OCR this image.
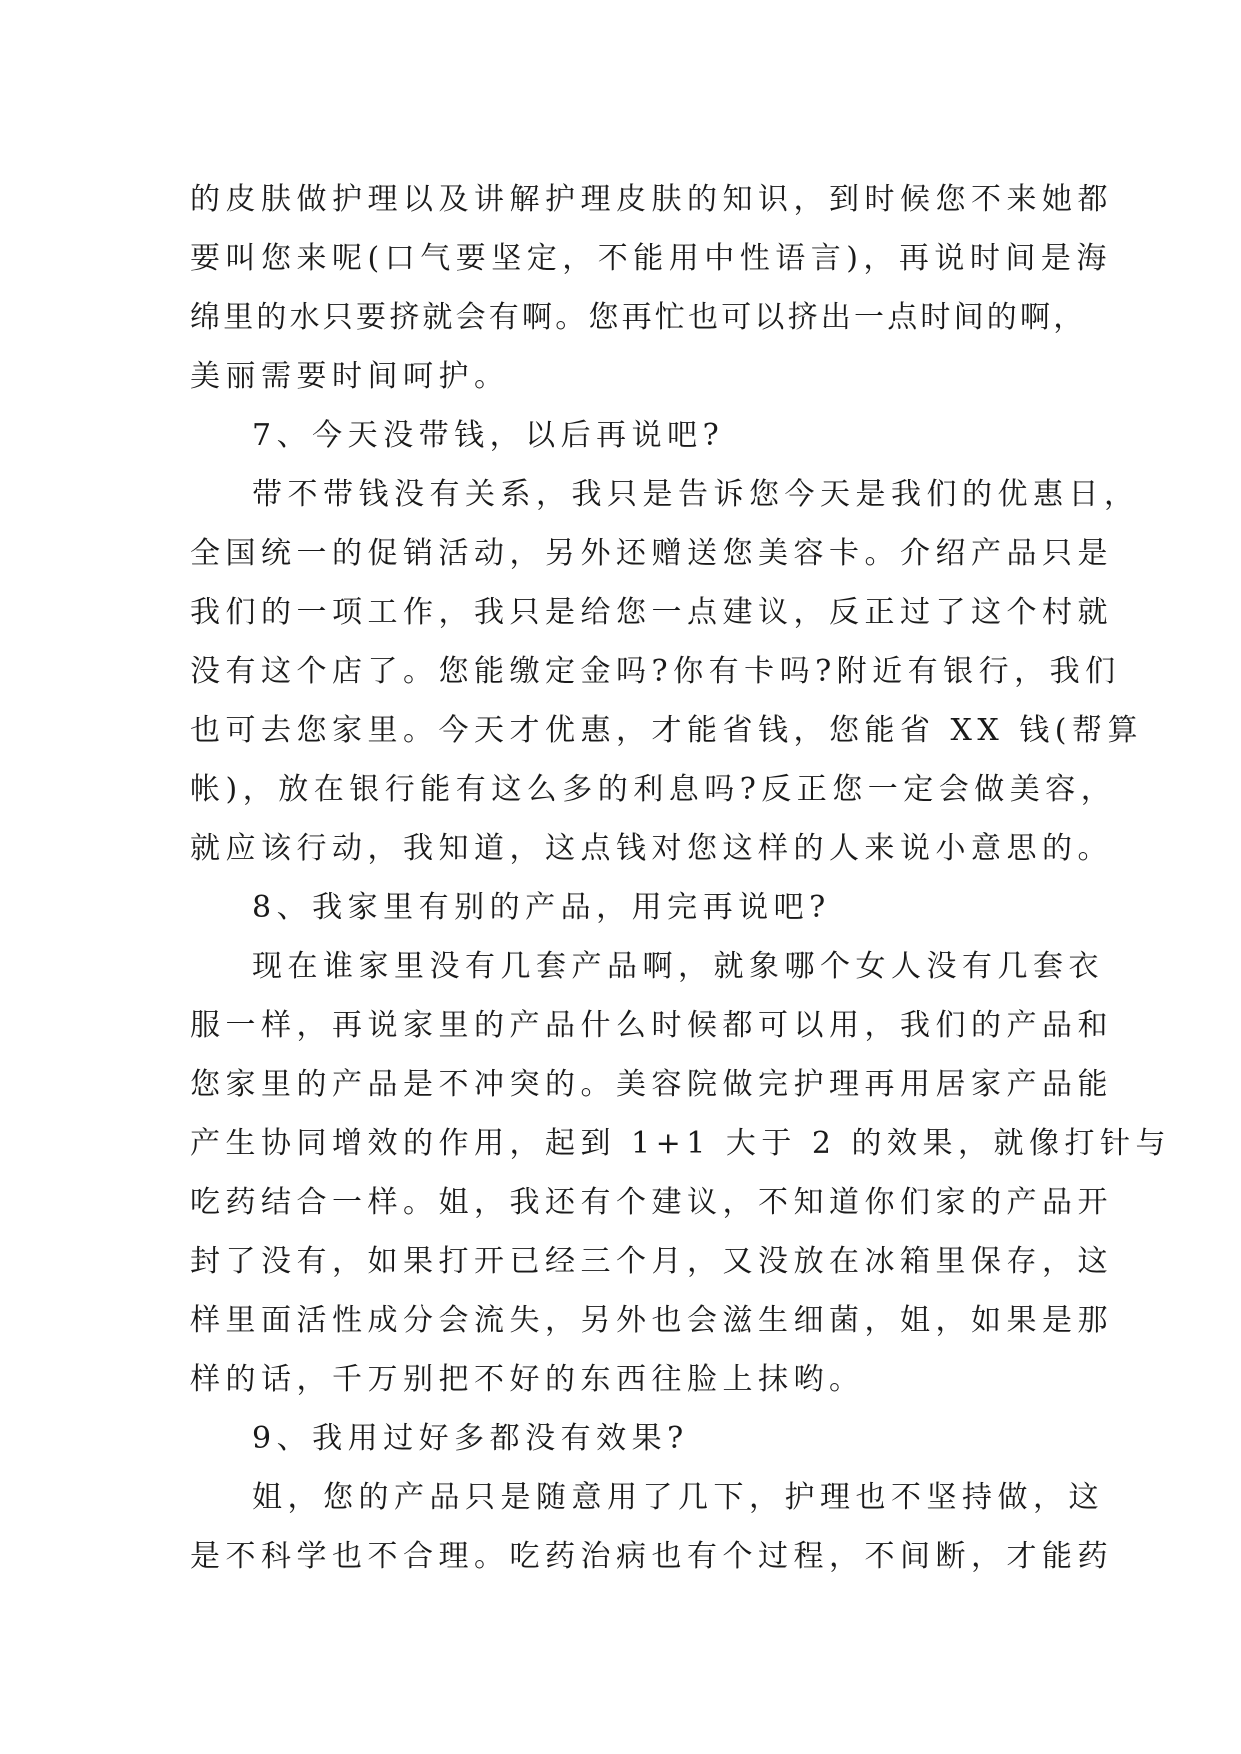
的皮肤做护理以及讲解护理皮肤的知识，到时候您不来她都
要叫您来呢(口气要坚定，不能用中性语言)，再说时间是海
绵里的水只要挤就会有啊。您再忙也可以挤出一点时间的啊，
美丽需要时间呵护。
7、今天没带钱，以后再说吧?
带不带钱没有关系，我只是告诉您今天是我们的优惠日，
全国统一的促销活动，另外还赠送您美容卡。介绍产品只是
我们的一项工作，我只是给您一点建议，反正过了这个村就
没有这个店了。您能缴定金吗?你有卡吗?附近有银行，我们
也可去您家里。今天才优惠，才能省钱，您能省 XX 钱(帮算
帐)，放在银行能有这么多的利息吗?反正您一定会做美容，
就应该行动，我知道，这点钱对您这样的人来说小意思的。
8、我家里有别的产品，用完再说吧?
现在谁家里没有几套产品啊，就象哪个女人没有几套衣
服一样，再说家里的产品什么时候都可以用，我们的产品和
您家里的产品是不冲突的。美容院做完护理再用居家产品能
产生协同增效的作用，起到 1+1 大于 2 的效果，就像打针与
吃药结合一样。姐，我还有个建议，不知道你们家的产品开
封了没有，如果打开已经三个月，又没放在冰箱里保存，这
样里面活性成分会流失，另外也会滋生细菌，姐，如果是那
样的话，千万别把不好的东西往脸上抹哟。
9、我用过好多都没有效果?
姐，您的产品只是随意用了几下，护理也不坚持做，这
是不科学也不合理。吃药治病也有个过程，不间断，才能药
